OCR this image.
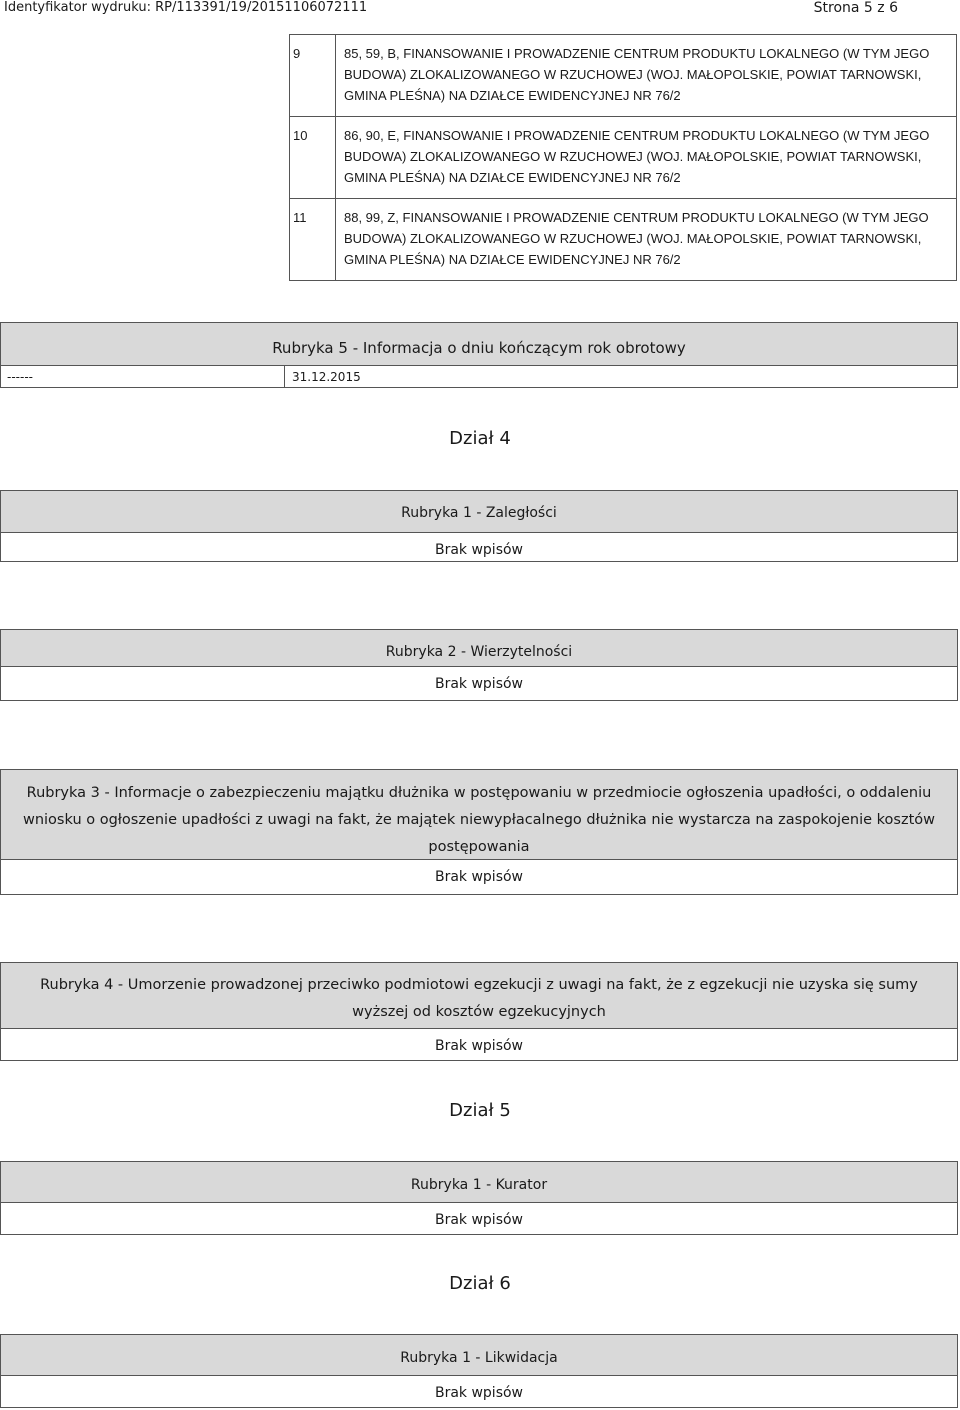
Identyfikator wydruku: RP/113391/19/20151106072111	Strona 5 z 6
9	85, 59, B, FINANSOWANIE I PROWADZENIE CENTRUM PRODUKTU LOKALNEGO (W TYM JEGO BUDOWA) ZLOKALIZOWANEGO W RZUCHOWEJ (WOJ. MAŁOPOLSKIE, POWIAT TARNOWSKI, GMINA PLEŚNA) NA DZIAŁCE EWIDENCYJNEJ NR 76/2
10	86, 90, E, FINANSOWANIE I PROWADZENIE CENTRUM PRODUKTU LOKALNEGO (W TYM JEGO BUDOWA) ZLOKALIZOWANEGO W RZUCHOWEJ (WOJ. MAŁOPOLSKIE, POWIAT TARNOWSKI, GMINA PLEŚNA) NA DZIAŁCE EWIDENCYJNEJ NR 76/2
11	88, 99, Z, FINANSOWANIE I PROWADZENIE CENTRUM PRODUKTU LOKALNEGO (W TYM JEGO BUDOWA) ZLOKALIZOWANEGO W RZUCHOWEJ (WOJ. MAŁOPOLSKIE, POWIAT TARNOWSKI, GMINA PLEŚNA) NA DZIAŁCE EWIDENCYJNEJ NR 76/2
Rubryka 5 - Informacja o dniu kończącym rok obrotowy
------	31.12.2015
Dział 4
Rubryka 1 - Zaległości
Brak wpisów
Rubryka 2 - Wierzytelności
Brak wpisów
Rubryka 3 - Informacje o zabezpieczeniu majątku dłużnika w postępowaniu w przedmiocie ogłoszenia upadłości, o oddaleniu wniosku o ogłoszenie upadłości z uwagi na fakt, że majątek niewypłacalnego dłużnika nie wystarcza na zaspokojenie kosztów postępowania
Brak wpisów
Rubryka 4 - Umorzenie prowadzonej przeciwko podmiotowi egzekucji z uwagi na fakt, że z egzekucji nie uzyska się sumy wyższej od kosztów egzekucyjnych
Brak wpisów
Dział 5
Rubryka 1 - Kurator
Brak wpisów
Dział 6
Rubryka 1 - Likwidacja
Brak wpisów
